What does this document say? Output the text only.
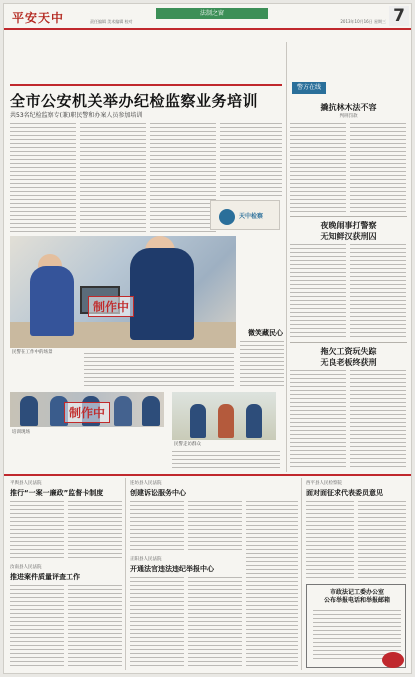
平安天中	法制之窗
责任编辑 美术编辑 校对	2013年10月16日 星期三 7
全市公安机关举办纪检监察业务培训
共53名纪检监察专(兼)职民警和办案人员参加培训
制作中
民警在工作中的场景
天中检察
微笑藏民心
制作中
培训现场
民警走访群众
警方在线
撬抗林木法不容
判刑罚款
夜晚闹事打警察
无知鲜汉获刑囚
拖欠工资玩失踪
无良老板终获刑
平舆县人民法院
推行“一案一廉政”监督卡制度
汝南县人民法院
推进案件质量评查工作
连坊县人民法院
创建诉讼服务中心
正阳县人民法院
开通法官违法违纪举报中心
西平县人民检察院
面对面征求代表委员意见
市政法记工委办公室
公布举报电话和举报邮箱
